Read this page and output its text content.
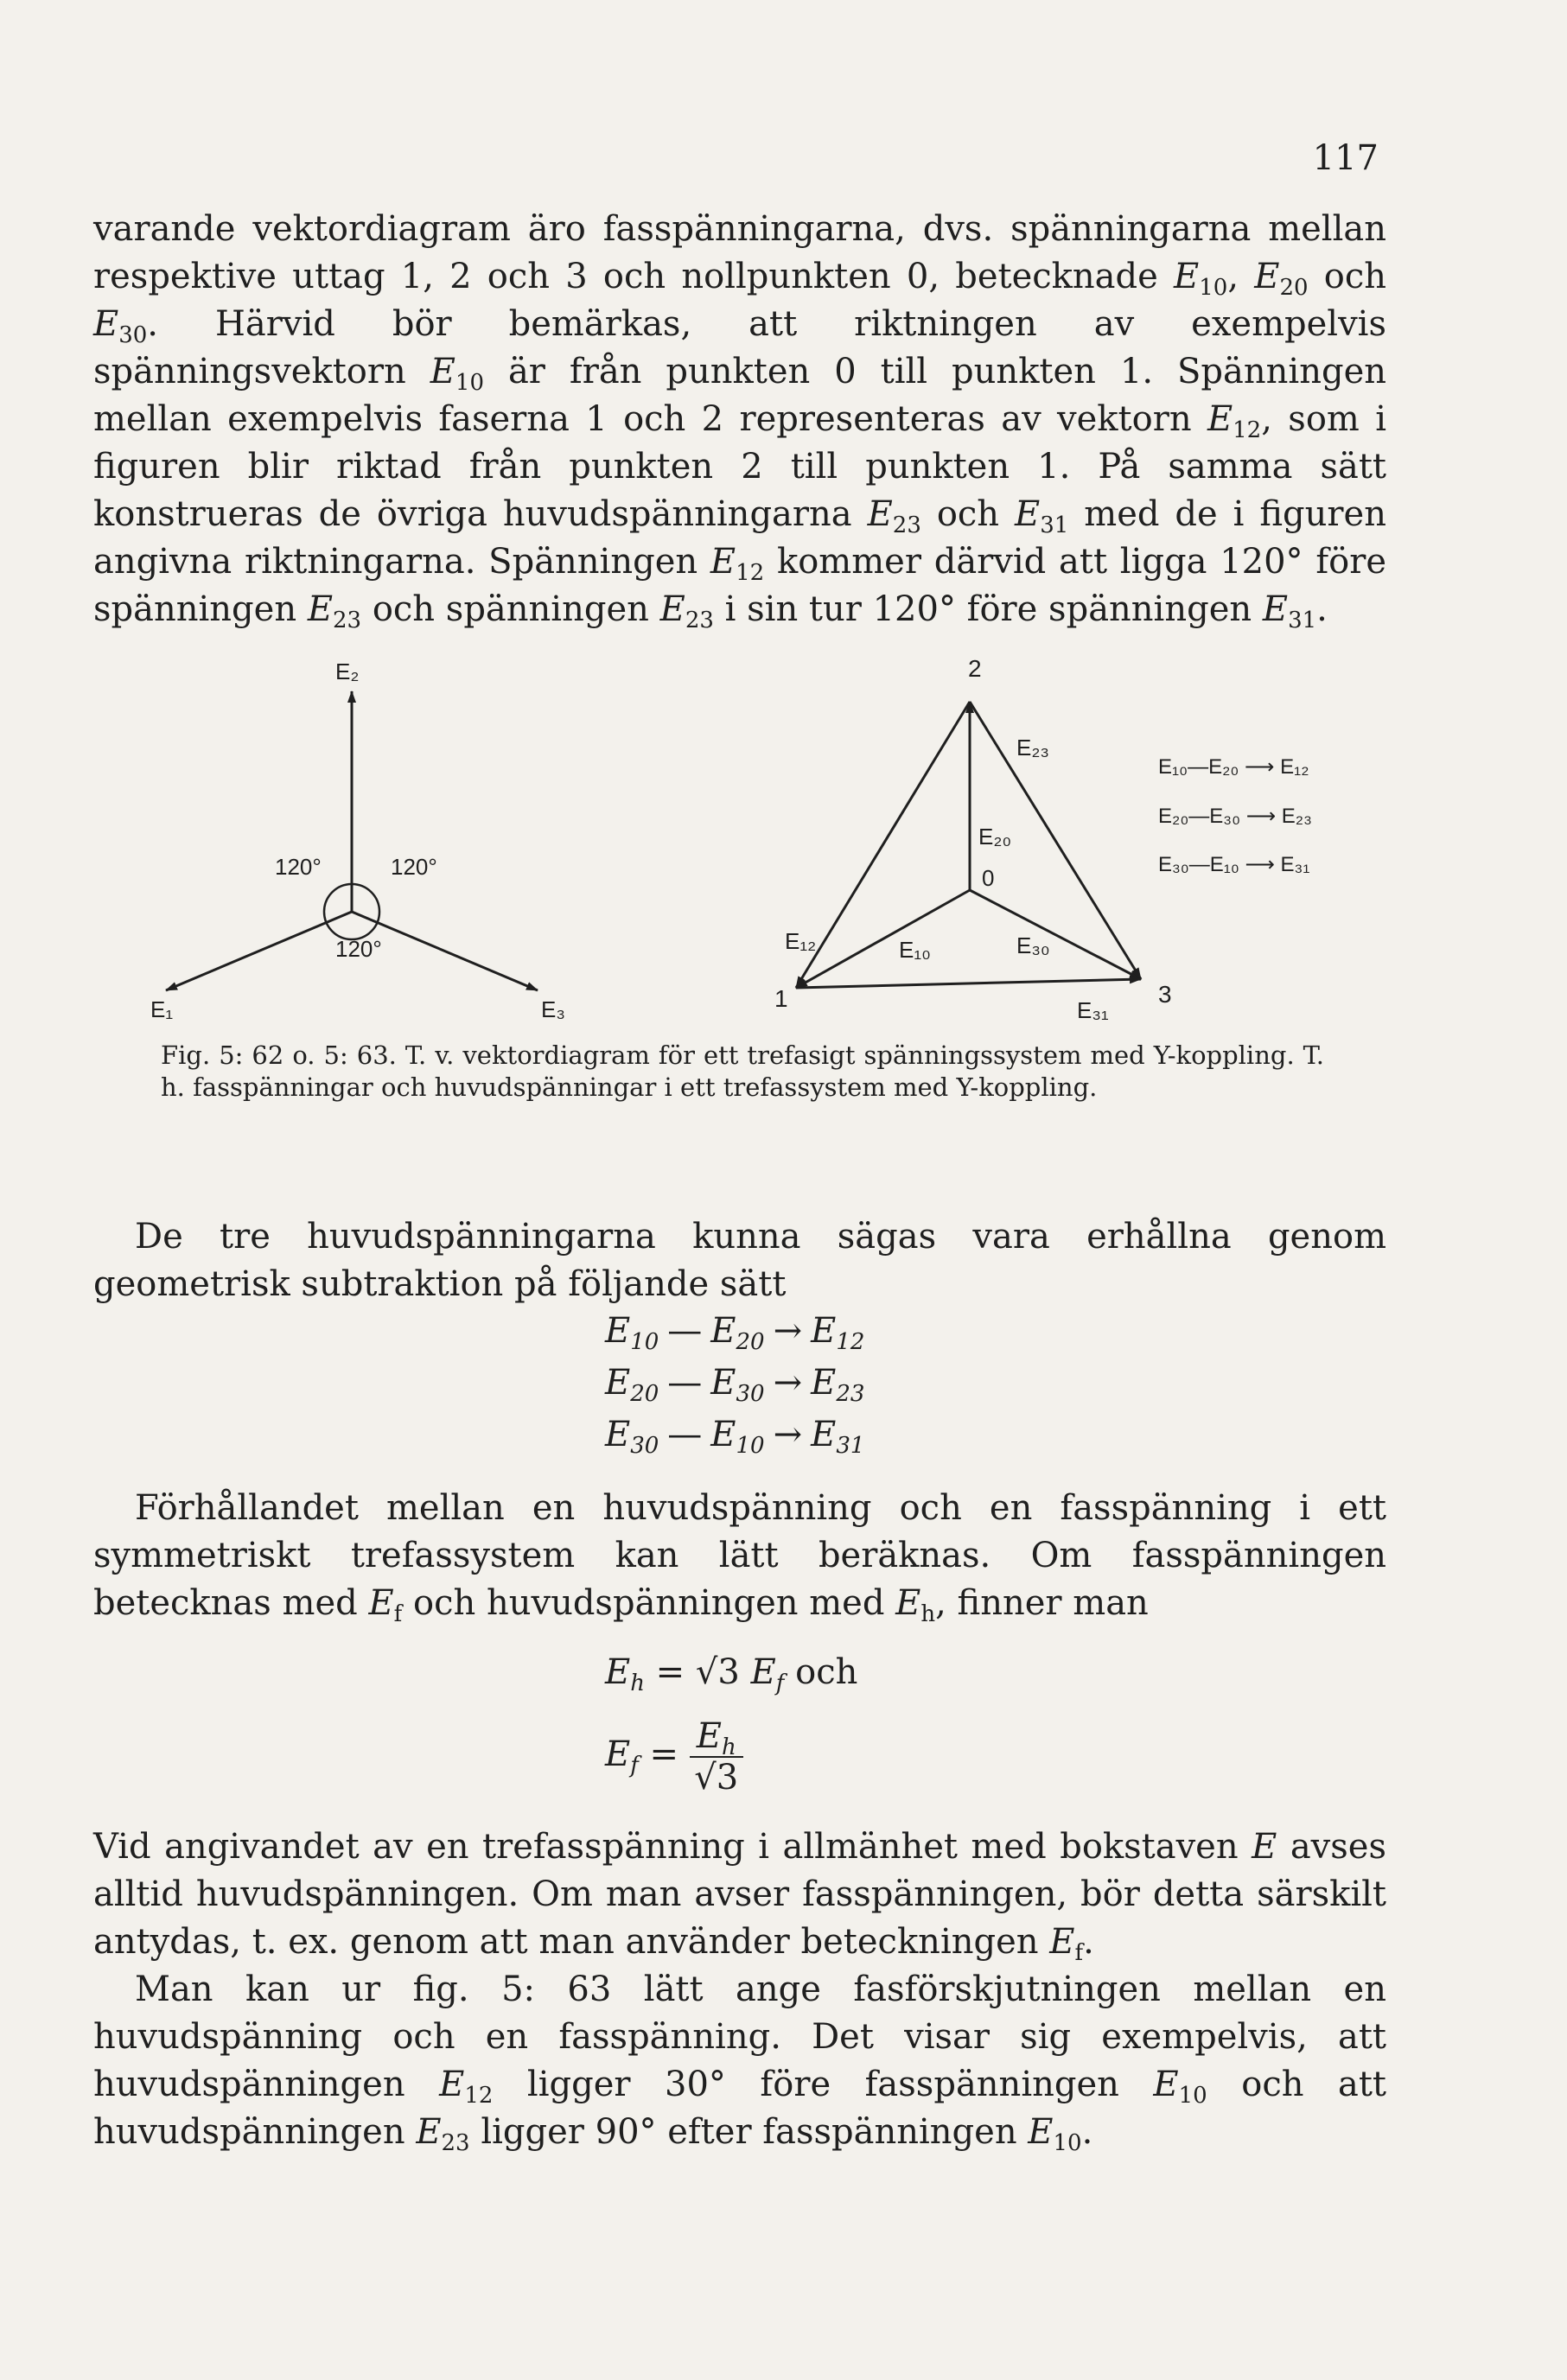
117

varande vektordiagram äro fasspänningarna, dvs. spänningarna mellan respektive uttag 1, 2 och 3 och nollpunkten 0, betecknade $E_{10}$, $E_{20}$ och $E_{30}$. Härvid bör bemärkas, att riktningen av exempelvis spänningsvektorn $E_{10}$ är från punkten 0 till punkten 1. Spänningen mellan exempelvis faserna 1 och 2 representeras av vektorn $E_{12}$, som i figuren blir riktad från punkten 2 till punkten 1. På samma sätt konstrueras de övriga huvudspänningarna $E_{23}$ och $E_{31}$ med de i figuren angivna riktningarna. Spänningen $E_{12}$ kommer därvid att ligga 120° före spänningen $E_{23}$ och spänningen $E_{23}$ i sin tur 120° före spänningen $E_{31}$.

E₂
E₁	E₃
120°	120°
120°
2
1	3
0
E₂₃
E₂₀
E₁₂	E₁₀	E₃₀
E₃₁
E₁₀—E₂₀ ⟶ E₁₂
E₂₀—E₃₀ ⟶ E₂₃
E₃₀—E₁₀ ⟶ E₃₁

Fig. 5: 62 o. 5: 63. T. v. vektordiagram för ett trefasigt spänningssystem med Y-koppling. T. h. fasspänningar och huvudspänningar i ett trefassystem med Y-koppling.

De tre huvudspänningarna kunna sägas vara erhållna genom geometrisk subtraktion på följande sätt

$E_{10}$ — $E_{20} \to E_{12}$
$E_{20}$ — $E_{30} \to E_{23}$
$E_{30}$ — $E_{10} \to E_{31}$

Förhållandet mellan en huvudspänning och en fasspänning i ett symmetriskt trefassystem kan lätt beräknas. Om fasspänningen betecknas med $E_f$ och huvudspänningen med $E_h$, finner man

$E_h = √3$ $E_f$ och
$E_f = \frac{E_h}{√3}$

Vid angivandet av en trefasspänning i allmänhet med bokstaven E avses alltid huvudspänningen. Om man avser fasspänningen, bör detta särskilt antydas, t. ex. genom att man använder beteckningen $E_f$.

Man kan ur fig. 5: 63 lätt ange fasförskjutningen mellan en huvudspänning och en fasspänning. Det visar sig exempelvis, att huvudspänningen $E_{12}$ ligger 30° före fasspänningen $E_{10}$ och att huvudspänningen $E_{23}$ ligger 90° efter fasspänningen $E_{10}$.
